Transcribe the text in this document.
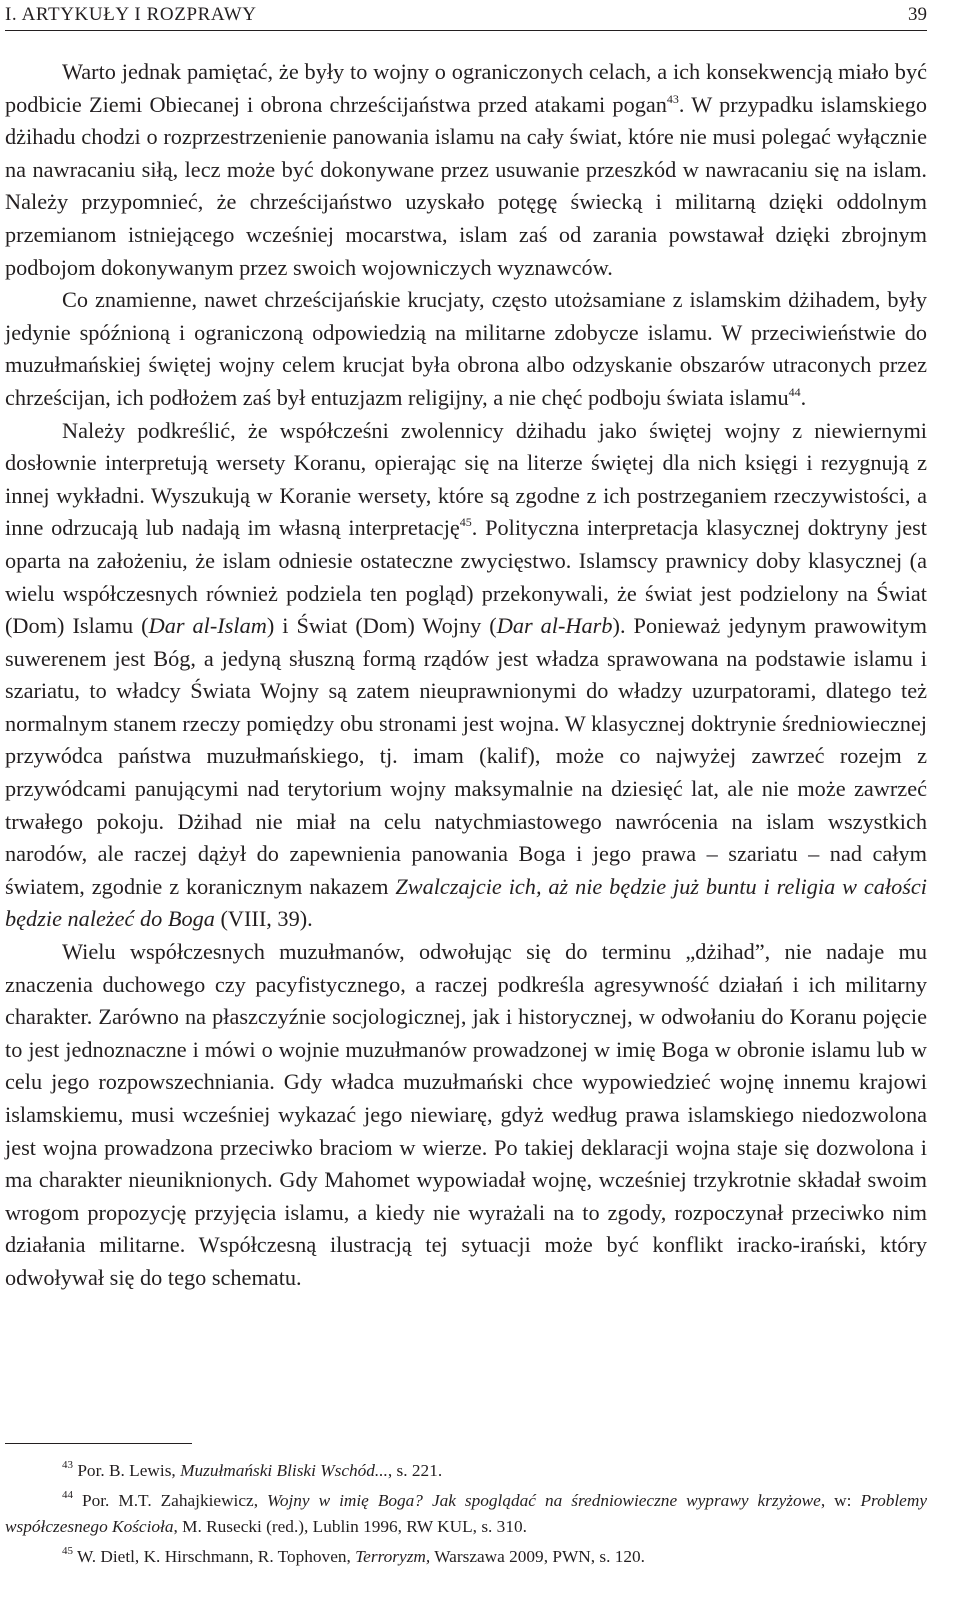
I. ARTYKUŁY I ROZPRAWY	39

Warto jednak pamiętać, że były to wojny o ograniczonych celach, a ich konsekwencją miało być podbicie Ziemi Obiecanej i obrona chrześcijaństwa przed atakami pogan$^{43}$. W przypadku islamskiego dżihadu chodzi o rozprzestrzenienie panowania islamu na cały świat, które nie musi polegać wyłącznie na nawracaniu siłą, lecz może być dokonywane przez usuwanie przeszkód w nawracaniu się na islam. Należy przypomnieć, że chrześcijaństwo uzyskało potęgę świecką i militarną dzięki oddolnym przemianom istniejącego wcześniej mocarstwa, islam zaś od zarania powstawał dzięki zbrojnym podbojom dokonywanym przez swoich wojowniczych wyznawców.

Co znamienne, nawet chrześcijańskie krucjaty, często utożsamiane z islamskim dżihadem, były jedynie spóźnioną i ograniczoną odpowiedzią na militarne zdobycze islamu. W przeciwieństwie do muzułmańskiej świętej wojny celem krucjat była obrona albo odzyskanie obszarów utraconych przez chrześcijan, ich podłożem zaś był entuzjazm religijny, a nie chęć podboju świata islamu$^{44}$.

Należy podkreślić, że współcześni zwolennicy dżihadu jako świętej wojny z niewiernymi dosłownie interpretują wersety Koranu, opierając się na literze świętej dla nich księgi i rezygnują z innej wykładni. Wyszukują w Koranie wersety, które są zgodne z ich postrzeganiem rzeczywistości, a inne odrzucają lub nadają im własną interpretację$^{45}$. Polityczna interpretacja klasycznej doktryny jest oparta na założeniu, że islam odniesie ostateczne zwycięstwo. Islamscy prawnicy doby klasycznej (a wielu współczesnych również podziela ten pogląd) przekonywali, że świat jest podzielony na Świat (Dom) Islamu (Dar al-Islam) i Świat (Dom) Wojny (Dar al-Harb). Ponieważ jedynym prawowitym suwerenem jest Bóg, a jedyną słuszną formą rządów jest władza sprawowana na podstawie islamu i szariatu, to władcy Świata Wojny są zatem nieuprawnionymi do władzy uzurpatorami, dlatego też normalnym stanem rzeczy pomiędzy obu stronami jest wojna. W klasycznej doktrynie średniowiecznej przywódca państwa muzułmańskiego, tj. imam (kalif), może co najwyżej zawrzeć rozejm z przywódcami panującymi nad terytorium wojny maksymalnie na dziesięć lat, ale nie może zawrzeć trwałego pokoju. Dżihad nie miał na celu natychmiastowego nawrócenia na islam wszystkich narodów, ale raczej dążył do zapewnienia panowania Boga i jego prawa – szariatu – nad całym światem, zgodnie z koranicznym nakazem Zwalczajcie ich, aż nie będzie już buntu i religia w całości będzie należeć do Boga (VIII, 39).

Wielu współczesnych muzułmanów, odwołując się do terminu „dżihad”, nie nadaje mu znaczenia duchowego czy pacyfistycznego, a raczej podkreśla agresywność działań i ich militarny charakter. Zarówno na płaszczyźnie socjologicznej, jak i historycznej, w odwołaniu do Koranu pojęcie to jest jednoznaczne i mówi o wojnie muzułmanów prowadzonej w imię Boga w obronie islamu lub w celu jego rozpowszechniania. Gdy władca muzułmański chce wypowiedzieć wojnę innemu krajowi islamskiemu, musi wcześniej wykazać jego niewiarę, gdyż według prawa islamskiego niedozwolona jest wojna prowadzona przeciwko braciom w wierze. Po takiej deklaracji wojna staje się dozwolona i ma charakter nieuniknionych. Gdy Mahomet wypowiadał wojnę, wcześniej trzykrotnie składał swoim wrogom propozycję przyjęcia islamu, a kiedy nie wyrażali na to zgody, rozpoczynał przeciwko nim działania militarne. Współczesną ilustracją tej sytuacji może być konflikt iracko-irański, który odwoływał się do tego schematu.

$^{43}$ Por. B. Lewis, Muzułmański Bliski Wschód..., s. 221.

$^{44}$ Por. M.T. Zahajkiewicz, Wojny w imię Boga? Jak spoglądać na średniowieczne wyprawy krzyżowe, w: Problemy współczesnego Kościoła, M. Rusecki (red.), Lublin 1996, RW KUL, s. 310.

$^{45}$ W. Dietl, K. Hirschmann, R. Tophoven, Terroryzm, Warszawa 2009, PWN, s. 120.
